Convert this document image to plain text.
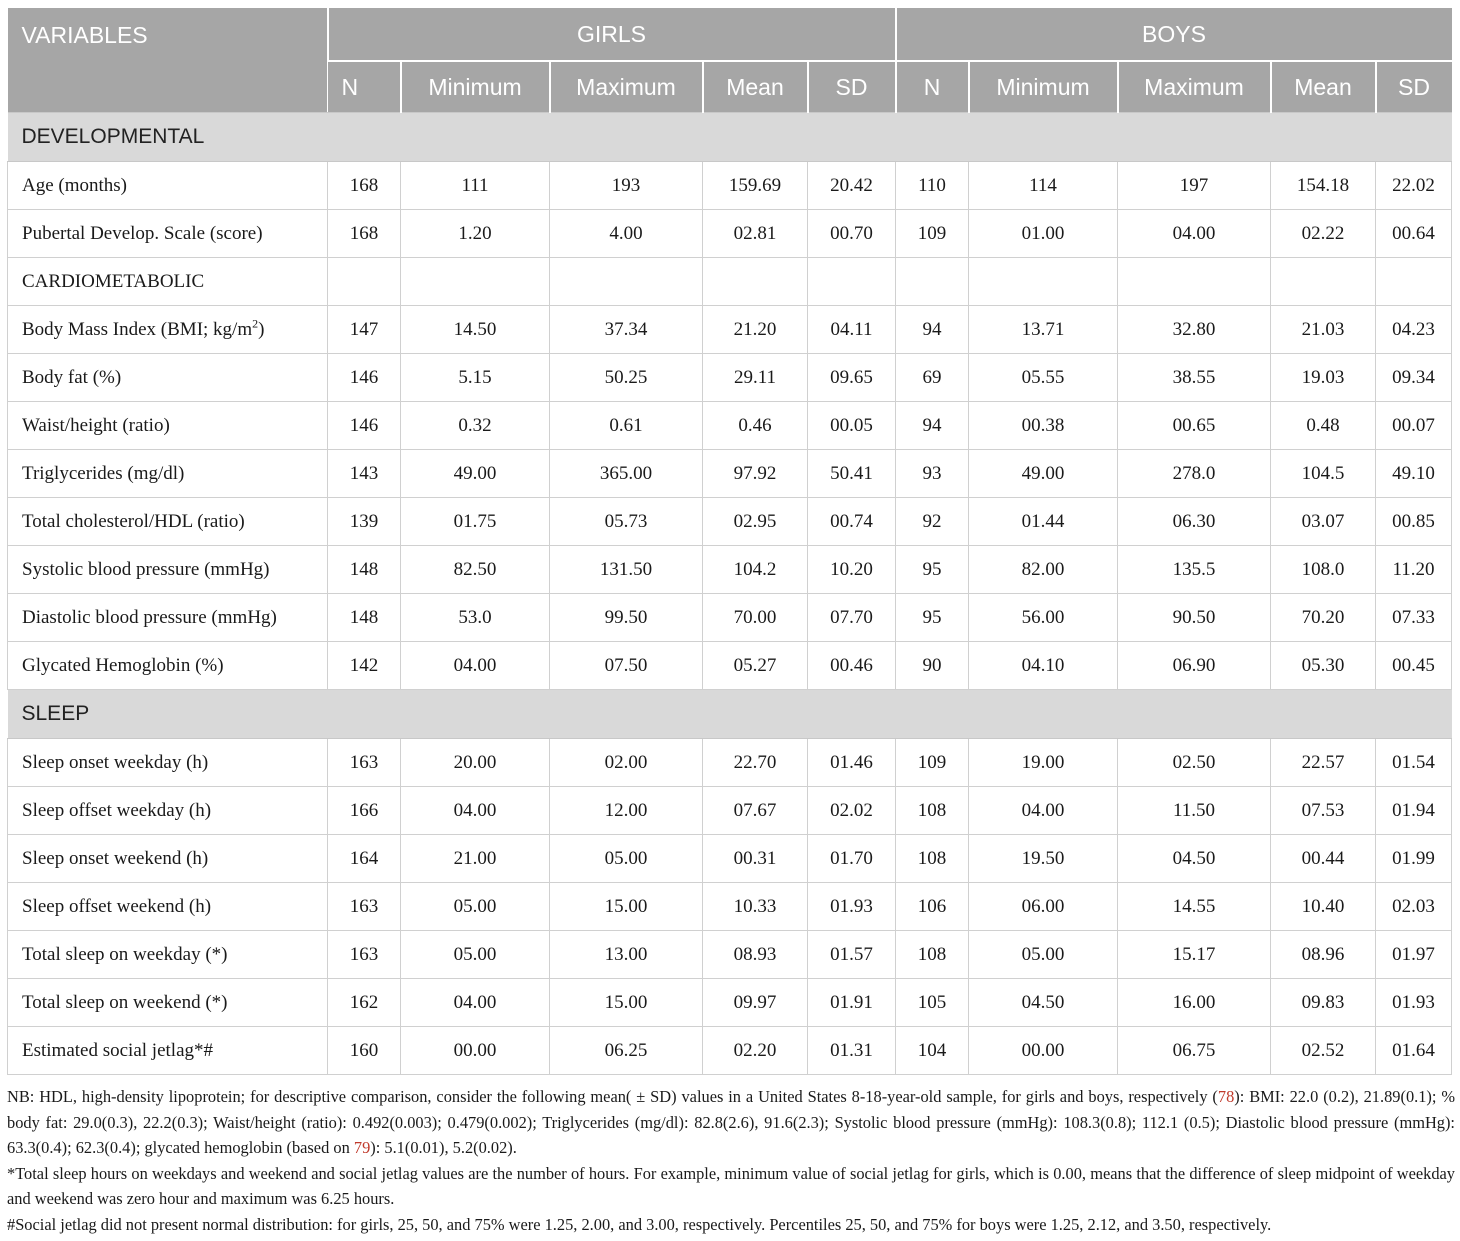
VARIABLES	GIRLS					BOYS				
	N	Minimum	Maximum	Mean	SD	N	Minimum	Maximum	Mean	SD
DEVELOPMENTAL										
Age (months)	168	111	193	159.69	20.42	110	114	197	154.18	22.02
Pubertal Develop. Scale (score)	168	1.20	4.00	02.81	00.70	109	01.00	04.00	02.22	00.64
CARDIOMETABOLIC										
Body Mass Index (BMI; $kg/m^2$)	147	14.50	37.34	21.20	04.11	94	13.71	32.80	21.03	04.23
Body fat (%)	146	5.15	50.25	29.11	09.65	69	05.55	38.55	19.03	09.34
Waist/height (ratio)	146	0.32	0.61	0.46	00.05	94	00.38	00.65	0.48	00.07
Triglycerides (mg/dl)	143	49.00	365.00	97.92	50.41	93	49.00	278.0	104.5	49.10
Total cholesterol/HDL (ratio)	139	01.75	05.73	02.95	00.74	92	01.44	06.30	03.07	00.85
Systolic blood pressure (mmHg)	148	82.50	131.50	104.2	10.20	95	82.00	135.5	108.0	11.20
Diastolic blood pressure (mmHg)	148	53.0	99.50	70.00	07.70	95	56.00	90.50	70.20	07.33
Glycated Hemoglobin (%)	142	04.00	07.50	05.27	00.46	90	04.10	06.90	05.30	00.45
SLEEP										
Sleep onset weekday (h)	163	20.00	02.00	22.70	01.46	109	19.00	02.50	22.57	01.54
Sleep offset weekday (h)	166	04.00	12.00	07.67	02.02	108	04.00	11.50	07.53	01.94
Sleep onset weekend (h)	164	21.00	05.00	00.31	01.70	108	19.50	04.50	00.44	01.99
Sleep offset weekend (h)	163	05.00	15.00	10.33	01.93	106	06.00	14.55	10.40	02.03
Total sleep on weekday (*)	163	05.00	13.00	08.93	01.57	108	05.00	15.17	08.96	01.97
Total sleep on weekend (*)	162	04.00	15.00	09.97	01.91	105	04.50	16.00	09.83	01.93
Estimated social jetlag*#	160	00.00	06.25	02.20	01.31	104	00.00	06.75	02.52	01.64

NB: HDL, high-density lipoprotein; for descriptive comparison, consider the following mean( ± SD) values in a United States 8-18-year-old sample, for girls and boys, respectively (78): BMI: 22.0 (0.2), 21.89(0.1); % body fat: 29.0(0.3), 22.2(0.3); Waist/height (ratio): 0.492(0.003); 0.479(0.002); Triglycerides (mg/dl): 82.8(2.6), 91.6(2.3); Systolic blood pressure (mmHg): 108.3(0.8); 112.1 (0.5); Diastolic blood pressure (mmHg): 63.3(0.4); 62.3(0.4); glycated hemoglobin (based on 79): 5.1(0.01), 5.2(0.02).

*Total sleep hours on weekdays and weekend and social jetlag values are the number of hours. For example, minimum value of social jetlag for girls, which is 0.00, means that the difference of sleep midpoint of weekday and weekend was zero hour and maximum was 6.25 hours.

#Social jetlag did not present normal distribution: for girls, 25, 50, and 75% were 1.25, 2.00, and 3.00, respectively. Percentiles 25, 50, and 75% for boys were 1.25, 2.12, and 3.50, respectively.
